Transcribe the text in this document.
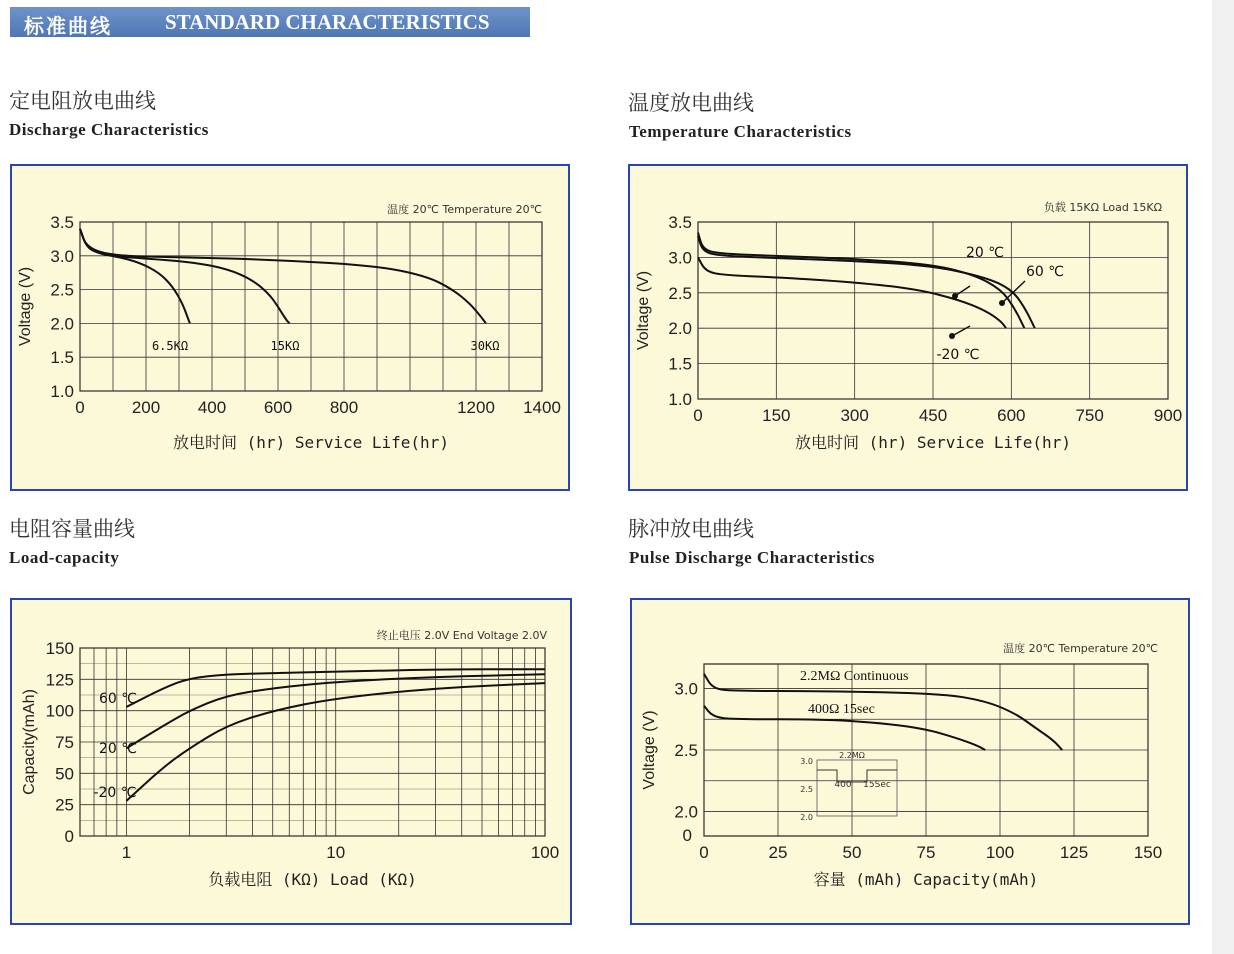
标准曲线	STANDARD CHARACTERISTICS
定电阻放电曲线
Discharge Characteristics
温度放电曲线
Temperature Characteristics
电阻容量曲线
Load-capacity
脉冲放电曲线
Pulse Discharge Characteristics
1.0
1.5
2.0
2.5
3.0
3.5
0	200 400 600 800	1200 1400
放电时间 (hr) Service Life(hr)
Voltage (V)
温度 20℃ Temperature 20℃
6.5KΩ	15KΩ	30KΩ
1.0
1.5
2.0
2.5
3.0
3.5
0	150	300	450	600	750	900
放电时间 (hr) Service Life(hr)
Voltage (V)
负载 15KΩ Load 15KΩ
20 ℃
60 ℃
-20 ℃
0
25
50
75
100
125
150
1	10	100
负载电阻 (KΩ) Load (KΩ)
Capacity(mAh)
终止电压 2.0V End Voltage 2.0V
60 ℃
20 ℃
-20 ℃
2.0
2.5
3.0
0
0	25	50	75	100	125	150
容量 (mAh) Capacity(mAh)
Voltage (V)
温度 20℃ Temperature 20℃
2.2MΩ Continuous
400Ω 15sec
3.0
2.5
2.0
2.2MΩ
400 15Sec
